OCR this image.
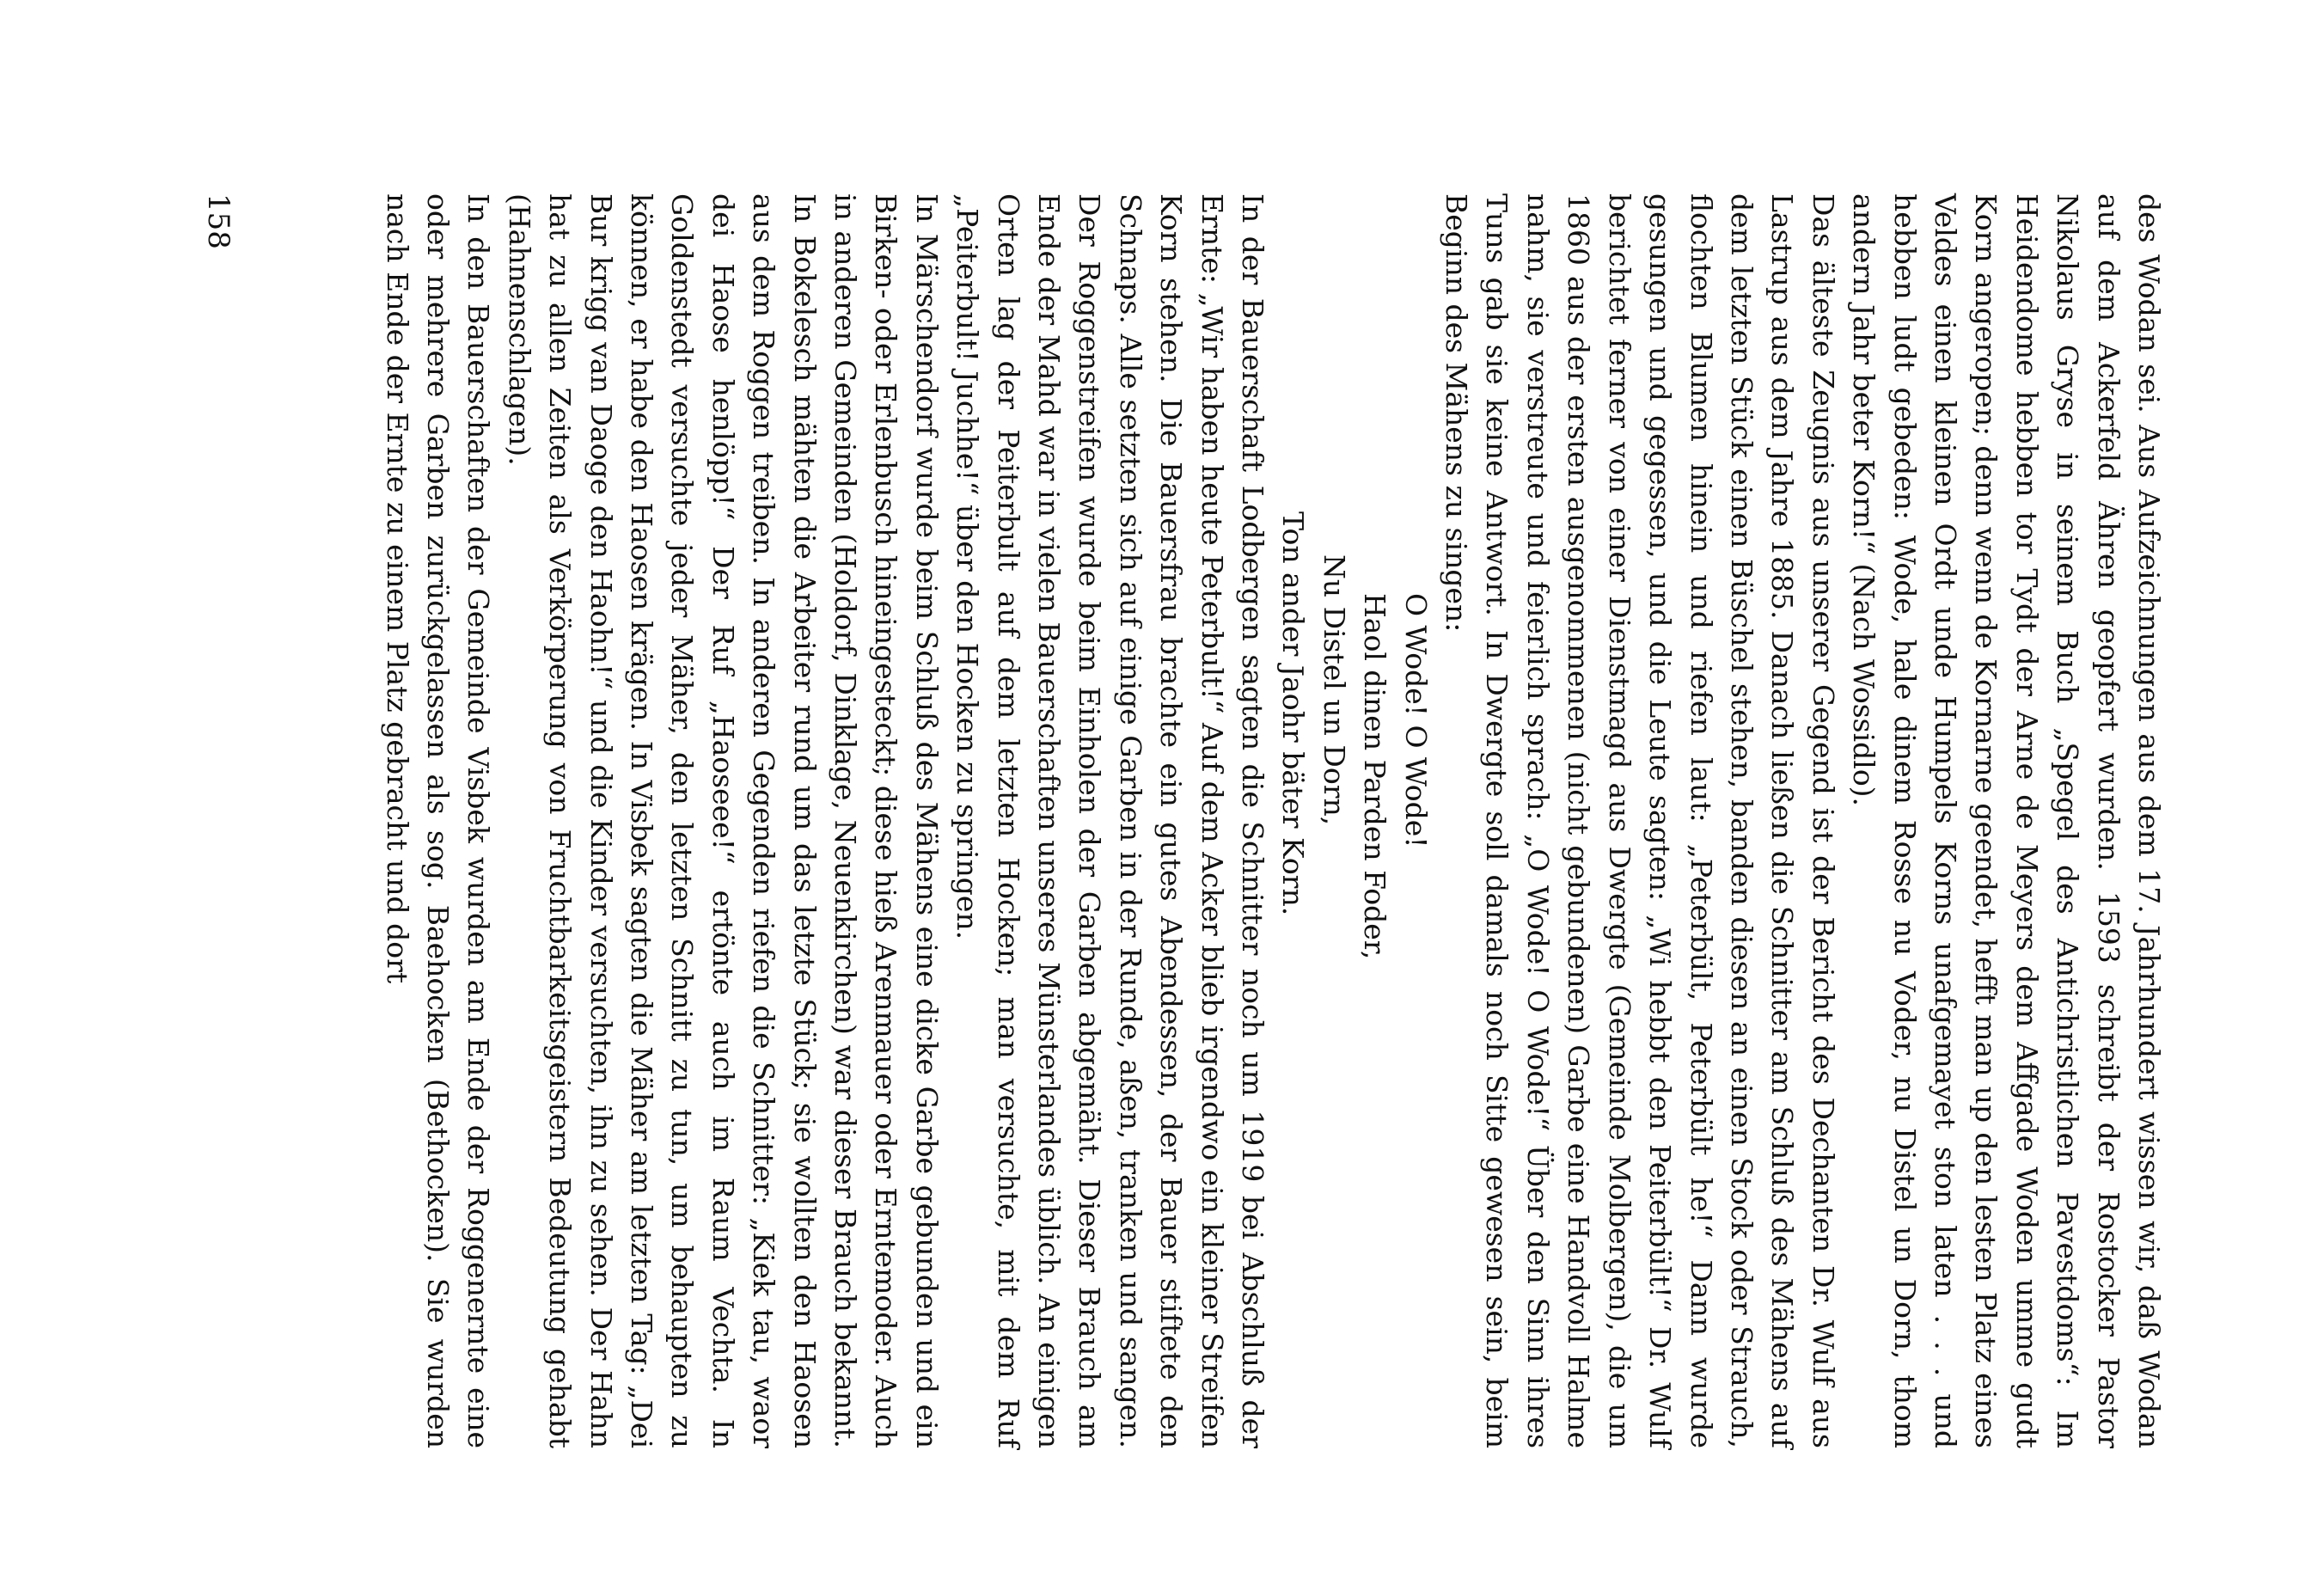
des Wodan sei. Aus Aufzeichnungen aus dem 17. Jahrhundert wissen wir, daß Wodan auf dem Ackerfeld Ähren geopfert wurden. 1593 schreibt der Rostocker Pastor Nikolaus Gryse in seinem Buch „Spegel des Antichristlichen Pavestdoms“: Im Heidendome hebben tor Tydt der Arne de Meyers dem Affgade Woden umme gudt Korn angeropen; denn wenn de Kornarne geendet, hefft man up den lesten Platz eines Veldes einen kleinen Ordt unde Humpels Korns unafgemayet ston laten . . . und hebben ludt gebeden: Wode, hale dinem Rosse nu Voder, nu Distel un Dorn, thom andern Jahr beter Korn!“ (Nach Wossidlo).

Das älteste Zeugnis aus unserer Gegend ist der Bericht des Dechanten Dr. Wulf aus Lastrup aus dem Jahre 1885. Danach ließen die Schnitter am Schluß des Mähens auf dem letzten Stück einen Büschel stehen, banden diesen an einen Stock oder Strauch, flochten Blumen hinein und riefen laut: „Peterbült, Peterbült he!“ Dann wurde gesungen und gegessen, und die Leute sagten: „Wi hebbt den Peiterbült!“ Dr. Wulf berichtet ferner von einer Dienstmagd aus Dwergte (Gemeinde Molbergen), die um 1860 aus der ersten ausgenommenen (nicht gebundenen) Garbe eine Handvoll Halme nahm, sie verstreute und feierlich sprach: „O Wode! O Wode!“ Über den Sinn ihres Tuns gab sie keine Antwort. In Dwergte soll damals noch Sitte gewesen sein, beim Beginn des Mähens zu singen:

O Wode! O Wode!
Haol dinen Parden Foder,
Nu Distel un Dorn,
Ton ander Jaohr bäter Korn.

In der Bauerschaft Lodbergen sagten die Schnitter noch um 1919 bei Abschluß der Ernte: „Wir haben heute Peterbult!“ Auf dem Acker blieb irgendwo ein kleiner Streifen Korn stehen. Die Bauersfrau brachte ein gutes Abendessen, der Bauer stiftete den Schnaps. Alle setzten sich auf einige Garben in der Runde, aßen, tranken und sangen. Der Roggenstreifen wurde beim Einholen der Garben abgemäht. Dieser Brauch am Ende der Mahd war in vielen Bauerschaften unseres Münsterlandes üblich. An einigen Orten lag der Peiterbult auf dem letzten Hocken; man versuchte, mit dem Ruf „Peiterbult! Juchhe!“ über den Hocken zu springen.

In Märschendorf wurde beim Schluß des Mähens eine dicke Garbe gebunden und ein Birken- oder Erlenbusch hineingesteckt; diese hieß Arenmauer oder Erntemoder. Auch in anderen Gemeinden (Holdorf, Dinklage, Neuenkirchen) war dieser Brauch bekannt. In Bokelesch mähten die Arbeiter rund um das letzte Stück; sie wollten den Haosen aus dem Roggen treiben. In anderen Gegenden riefen die Schnitter: „Kiek tau, waor dei Haose henlöpp!“ Der Ruf „Haoseee!“ ertönte auch im Raum Vechta. In Goldenstedt versuchte jeder Mäher, den letzten Schnitt zu tun, um behaupten zu können, er habe den Haosen krägen. In Visbek sagten die Mäher am letzten Tag: „Dei Bur krigg van Daoge den Haohn!“ und die Kinder versuchten, ihn zu sehen. Der Hahn hat zu allen Zeiten als Verkörperung von Fruchtbarkeitsgeistern Bedeutung gehabt (Hahnenschlagen).

In den Bauerschaften der Gemeinde Visbek wurden am Ende der Roggenernte eine oder mehrere Garben zurückgelassen als sog. Baehocken (Bethocken). Sie wurden nach Ende der Ernte zu einem Platz gebracht und dort

158
